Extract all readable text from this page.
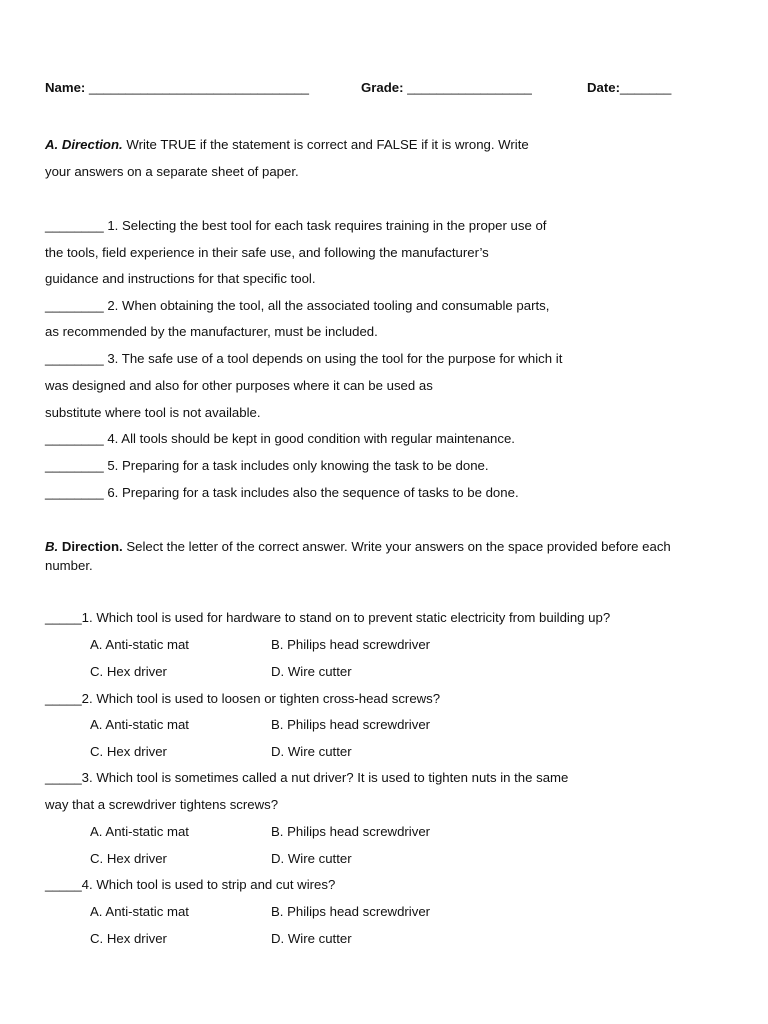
Name: ______________________________	Grade: _________________	Date:_______
A. Direction. Write TRUE if the statement is correct and FALSE if it is wrong. Write
your answers on a separate sheet of paper.
________ 1. Selecting the best tool for each task requires training in the proper use of
the tools, field experience in their safe use, and following the manufacturer’s
guidance and instructions for that specific tool.
________ 2. When obtaining the tool, all the associated tooling and consumable parts,
as recommended by the manufacturer, must be included.
________ 3. The safe use of a tool depends on using the tool for the purpose for which it
was designed and also for other purposes where it can be used as
substitute where tool is not available.
________ 4. All tools should be kept in good condition with regular maintenance.
________ 5. Preparing for a task includes only knowing the task to be done.
________ 6. Preparing for a task includes also the sequence of tasks to be done.
B. Direction. Select the letter of the correct answer. Write your answers on the space provided before each
number.
_____1. Which tool is used for hardware to stand on to prevent static electricity from building up?
A. Anti-static mat	B. Philips head screwdriver
C. Hex driver	D. Wire cutter
_____2. Which tool is used to loosen or tighten cross-head screws?
A. Anti-static mat	B. Philips head screwdriver
C. Hex driver	D. Wire cutter
_____3. Which tool is sometimes called a nut driver? It is used to tighten nuts in the same
way that a screwdriver tightens screws?
A. Anti-static mat	B. Philips head screwdriver
C. Hex driver	D. Wire cutter
_____4. Which tool is used to strip and cut wires?
A. Anti-static mat	B. Philips head screwdriver
C. Hex driver	D. Wire cutter
